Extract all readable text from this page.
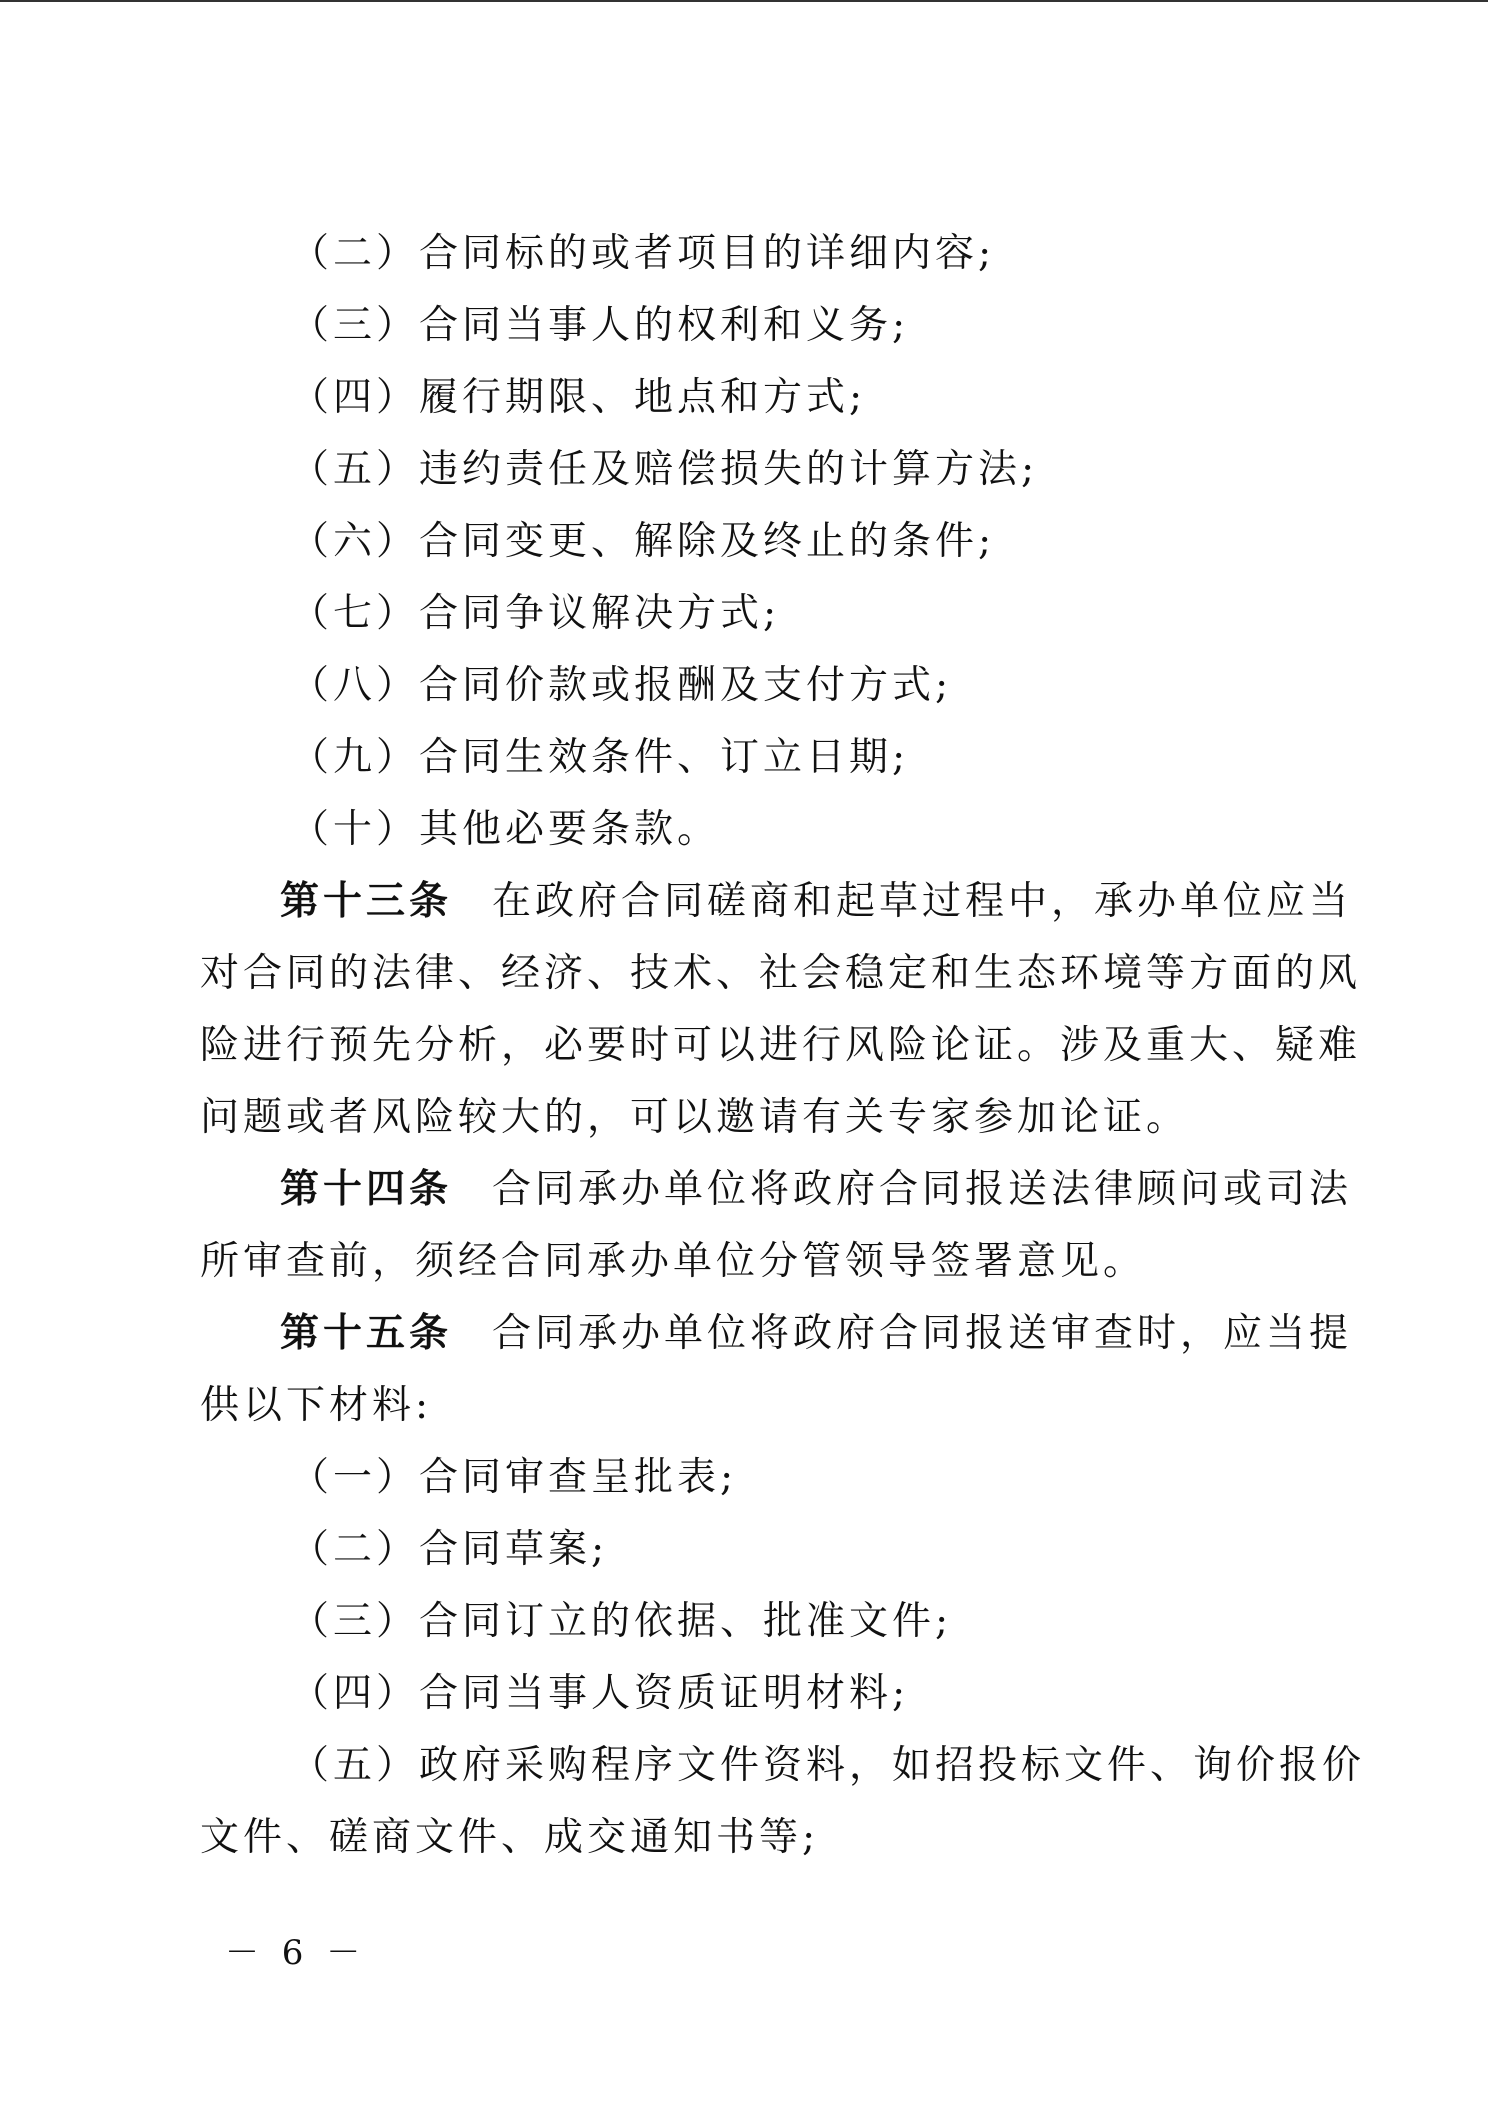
（二）合同标的或者项目的详细内容;
（三）合同当事人的权利和义务;
（四）履行期限、地点和方式;
（五）违约责任及赔偿损失的计算方法;
（六）合同变更、解除及终止的条件;
（七）合同争议解决方式;
（八）合同价款或报酬及支付方式;
（九）合同生效条件、订立日期;
（十）其他必要条款。
第十三条 在政府合同磋商和起草过程中，承办单位应当
对合同的法律、经济、技术、社会稳定和生态环境等方面的风
险进行预先分析，必要时可以进行风险论证。涉及重大、疑难
问题或者风险较大的，可以邀请有关专家参加论证。
第十四条 合同承办单位将政府合同报送法律顾问或司法
所审查前，须经合同承办单位分管领导签署意见。
第十五条 合同承办单位将政府合同报送审查时，应当提
供以下材料:
（一）合同审查呈批表;
（二）合同草案;
（三）合同订立的依据、批准文件;
（四）合同当事人资质证明材料;
（五）政府采购程序文件资料，如招投标文件、询价报价
文件、磋商文件、成交通知书等;
－ 6 －
